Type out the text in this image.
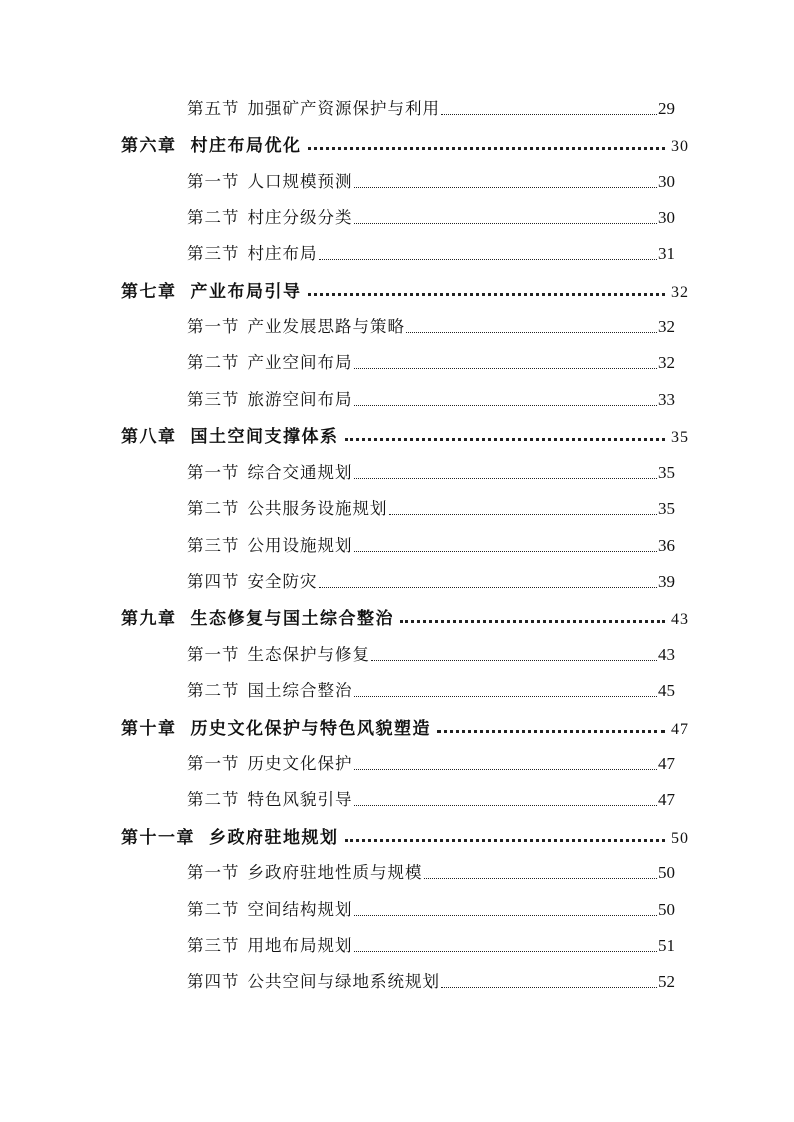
第五节 加强矿产资源保护与利用	29
第六章 村庄布局优化	30
第一节 人口规模预测	30
第二节 村庄分级分类	30
第三节 村庄布局	31
第七章 产业布局引导	32
第一节 产业发展思路与策略	32
第二节 产业空间布局	32
第三节 旅游空间布局	33
第八章 国土空间支撑体系	35
第一节 综合交通规划	35
第二节 公共服务设施规划	35
第三节 公用设施规划	36
第四节 安全防灾	39
第九章 生态修复与国土综合整治	43
第一节 生态保护与修复	43
第二节 国土综合整治	45
第十章 历史文化保护与特色风貌塑造	47
第一节 历史文化保护	47
第二节 特色风貌引导	47
第十一章 乡政府驻地规划	50
第一节 乡政府驻地性质与规模	50
第二节 空间结构规划	50
第三节 用地布局规划	51
第四节 公共空间与绿地系统规划	52
